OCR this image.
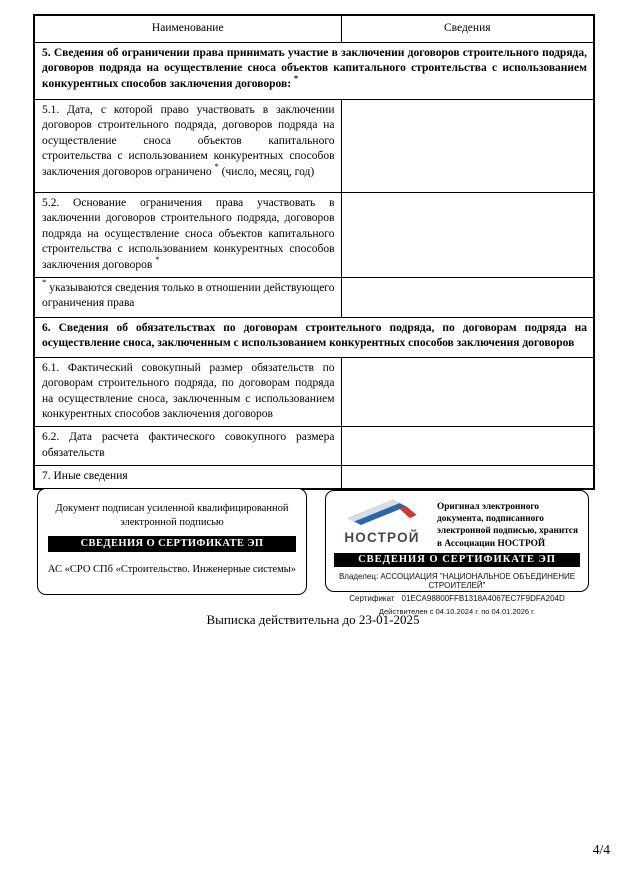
Наименование	Сведения
5. Сведения об ограничении права принимать участие в заключении договоров строительного подряда, договоров подряда на осуществление сноса объектов капитального строительства с использованием конкурентных способов заключения договоров: *
5.1. Дата, с которой право участвовать в заключении договоров строительного подряда, договоров подряда на осуществление сноса объектов капитального строительства с использованием конкурентных способов заключения договоров ограничено * (число, месяц, год)	
5.2. Основание ограничения права участвовать в заключении договоров строительного подряда, договоров подряда на осуществление сноса объектов капитального строительства с использованием конкурентных способов заключения договоров *	
* указываются сведения только в отношении действующего ограничения права	
6. Сведения об обязательствах по договорам строительного подряда, по договорам подряда на осуществление сноса, заключенным с использованием конкурентных способов заключения договоров	
6.1. Фактический совокупный размер обязательств по договорам строительного подряда, по договорам подряда на осуществление сноса, заключенным с использованием конкурентных способов заключения договоров	
6.2. Дата расчета фактического совокупного размера обязательств	
7. Иные сведения	
Документ подписан усиленной квалифицированной электронной подписью
СВЕДЕНИЯ О СЕРТИФИКАТЕ ЭП
АС «СРО СПб «Строительство. Инженерные системы»
НОСТРОЙ
Оригинал электронного документа, подписанного электронной подписью, хранится в Ассоциации НОСТРОЙ
СВЕДЕНИЯ О СЕРТИФИКАТЕ ЭП
Владелец: АССОЦИАЦИЯ "НАЦИОНАЛЬНОЕ ОБЪЕДИНЕНИЕ СТРОИТЕЛЕЙ"
Сертификат 01ECA98800FFB1318A4067EC7F9DFA204D
Действителен с 04.10.2024 г. по 04.01.2026 г.
Выписка действительна до 23-01-2025
4/4
